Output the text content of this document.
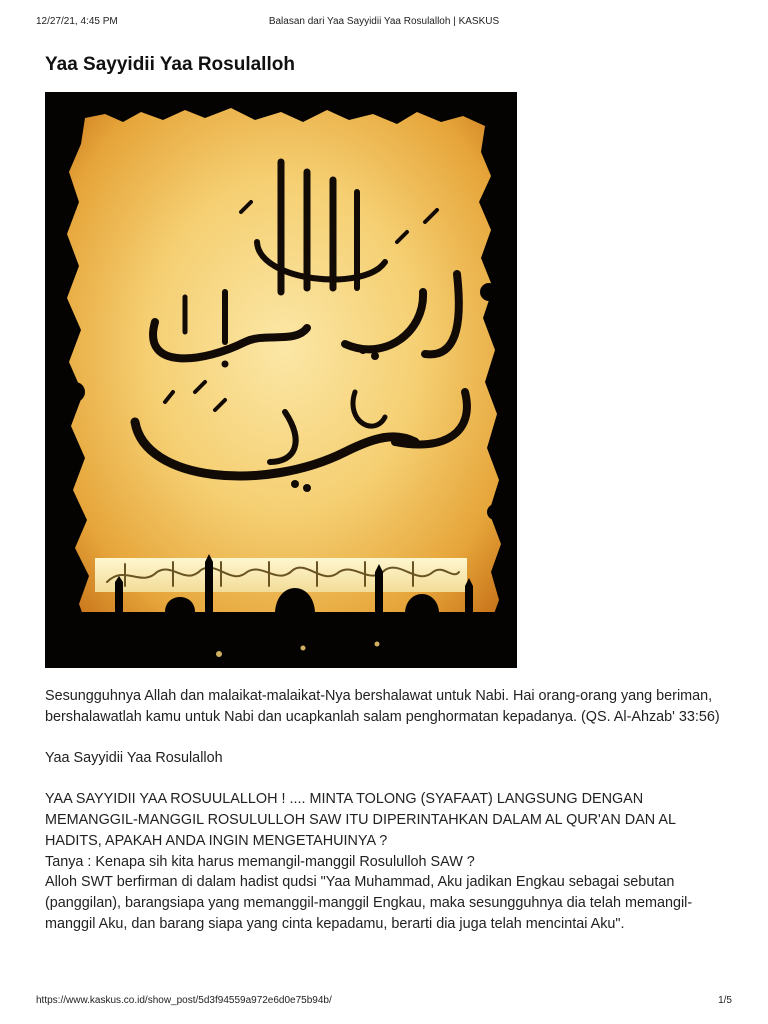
12/27/21, 4:45 PM	Balasan dari Yaa Sayyidii Yaa Rosulalloh | KASKUS
Yaa Sayyidii Yaa Rosulalloh

Sesungguhnya Allah dan malaikat-malaikat-Nya bershalawat untuk Nabi. Hai orang-orang yang beriman, bershalawatlah kamu untuk Nabi dan ucapkanlah salam penghormatan kepadanya. (QS. Al-Ahzab' 33:56)

Yaa Sayyidii Yaa Rosulalloh

YAA SAYYIDII YAA ROSUULALLOH ! .... MINTA TOLONG (SYAFAAT) LANGSUNG DENGAN MEMANGGIL-MANGGIL ROSULULLOH SAW ITU DIPERINTAHKAN DALAM AL QUR'AN DAN AL HADITS, APAKAH ANDA INGIN MENGETAHUINYA ?

Tanya : Kenapa sih kita harus memangil-manggil Rosululloh SAW ?

Alloh SWT berfirman di dalam hadist qudsi "Yaa Muhammad, Aku jadikan Engkau sebagai sebutan (panggilan), barangsiapa yang memanggil-manggil Engkau, maka sesungguhnya dia telah memangil-manggil Aku, dan barang siapa yang cinta kepadamu, berarti dia juga telah mencintai Aku".

https://www.kaskus.co.id/show_post/5d3f94559a972e6d0e75b94b/	1/5
